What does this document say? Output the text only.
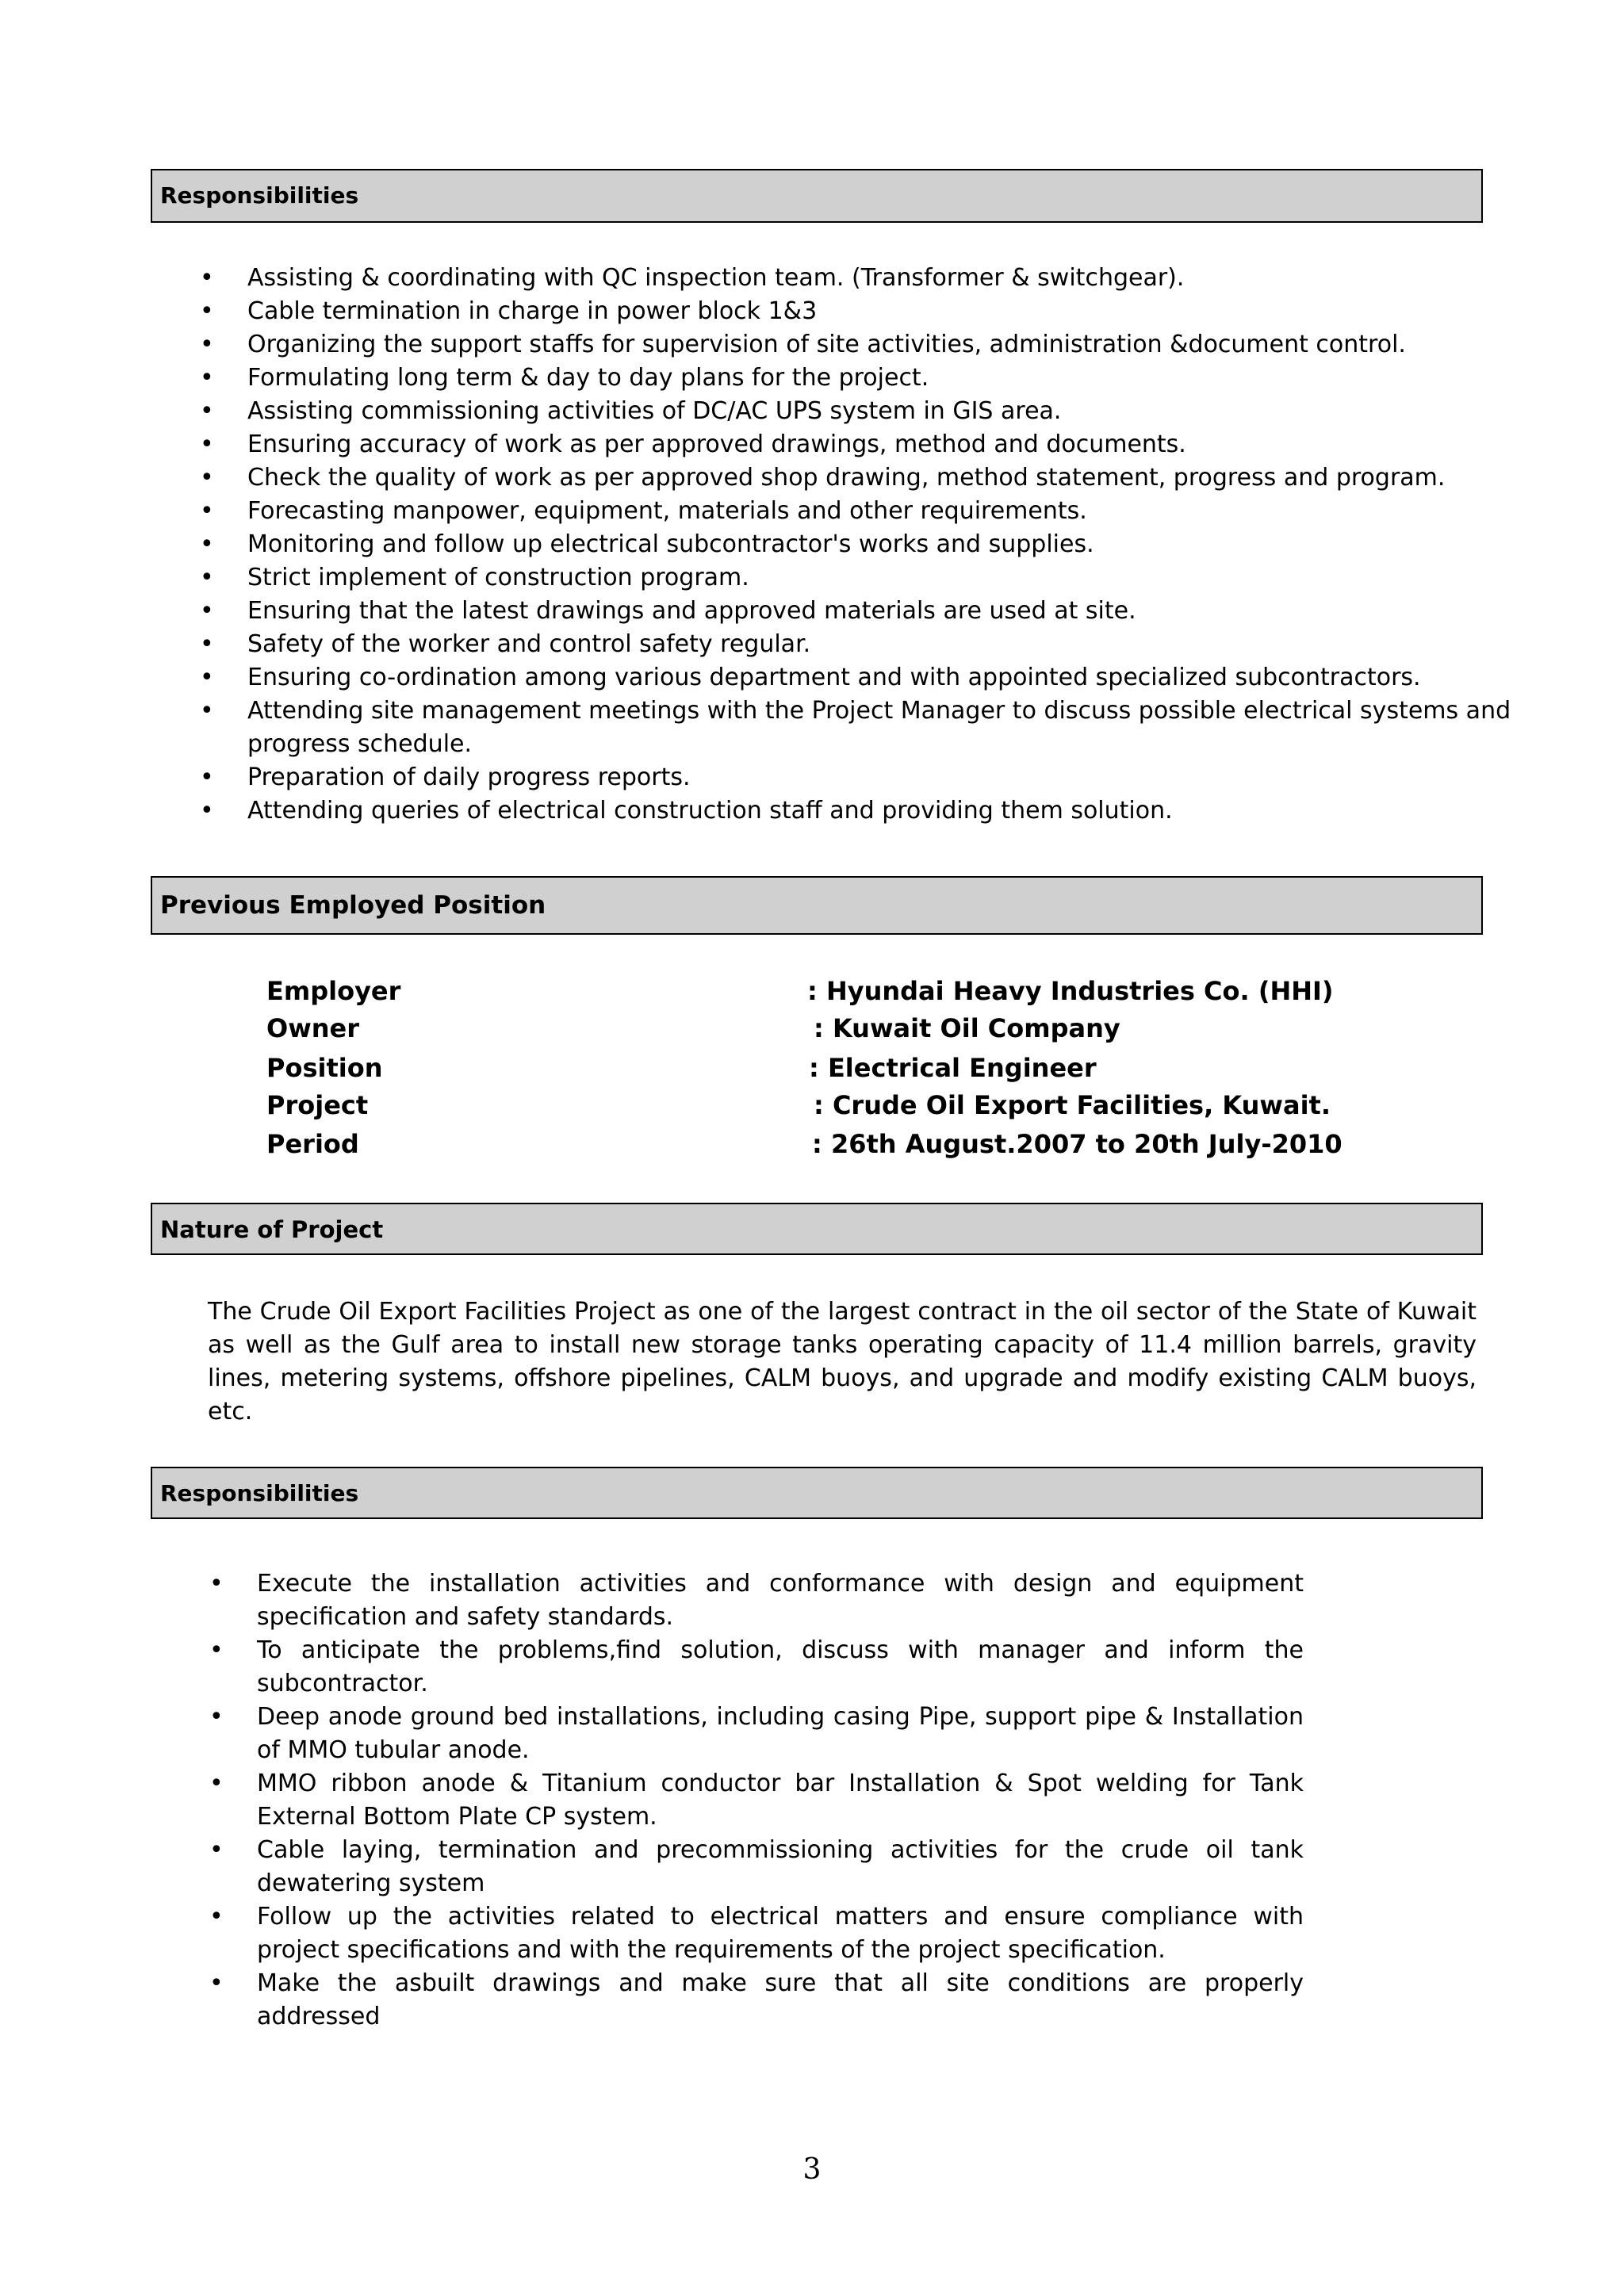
Responsibilities
• Assisting & coordinating with QC inspection team. (Transformer & switchgear).
• Cable termination in charge in power block 1&3
• Organizing the support staffs for supervision of site activities, administration &document control.
• Formulating long term & day to day plans for the project.
• Assisting commissioning activities of DC/AC UPS system in GIS area.
• Ensuring accuracy of work as per approved drawings, method and documents.
• Check the quality of work as per approved shop drawing, method statement, progress and program.
• Forecasting manpower, equipment, materials and other requirements.
• Monitoring and follow up electrical subcontractor's works and supplies.
• Strict implement of construction program.
• Ensuring that the latest drawings and approved materials are used at site.
• Safety of the worker and control safety regular.
• Ensuring co-ordination among various department and with appointed specialized subcontractors.
• Attending site management meetings with the Project Manager to discuss possible electrical systems and progress schedule.
• Preparation of daily progress reports.
• Attending queries of electrical construction staff and providing them solution.
Previous Employed Position
Employer	: Hyundai Heavy Industries Co. (HHI)
Owner	: Kuwait Oil Company
Position	: Electrical Engineer
Project	: Crude Oil Export Facilities, Kuwait.
Period	: 26th August.2007 to 20th July-2010
Nature of Project
The Crude Oil Export Facilities Project as one of the largest contract in the oil sector of the State of Kuwait as well as the Gulf area to install new storage tanks operating capacity of 11.4 million barrels, gravity lines, metering systems, offshore pipelines, CALM buoys, and upgrade and modify existing CALM buoys, etc.
Responsibilities
• Execute the installation activities and conformance with design and equipment specification and safety standards.
• To anticipate the problems,find solution, discuss with manager and inform the subcontractor.
• Deep anode ground bed installations, including casing Pipe, support pipe & Installation of MMO tubular anode.
• MMO ribbon anode & Titanium conductor bar Installation & Spot welding for Tank External Bottom Plate CP system.
• Cable laying, termination and precommissioning activities for the crude oil tank dewatering system
• Follow up the activities related to electrical matters and ensure compliance with project specifications and with the requirements of the project specification.
• Make the asbuilt drawings and make sure that all site conditions are properly addressed
3
